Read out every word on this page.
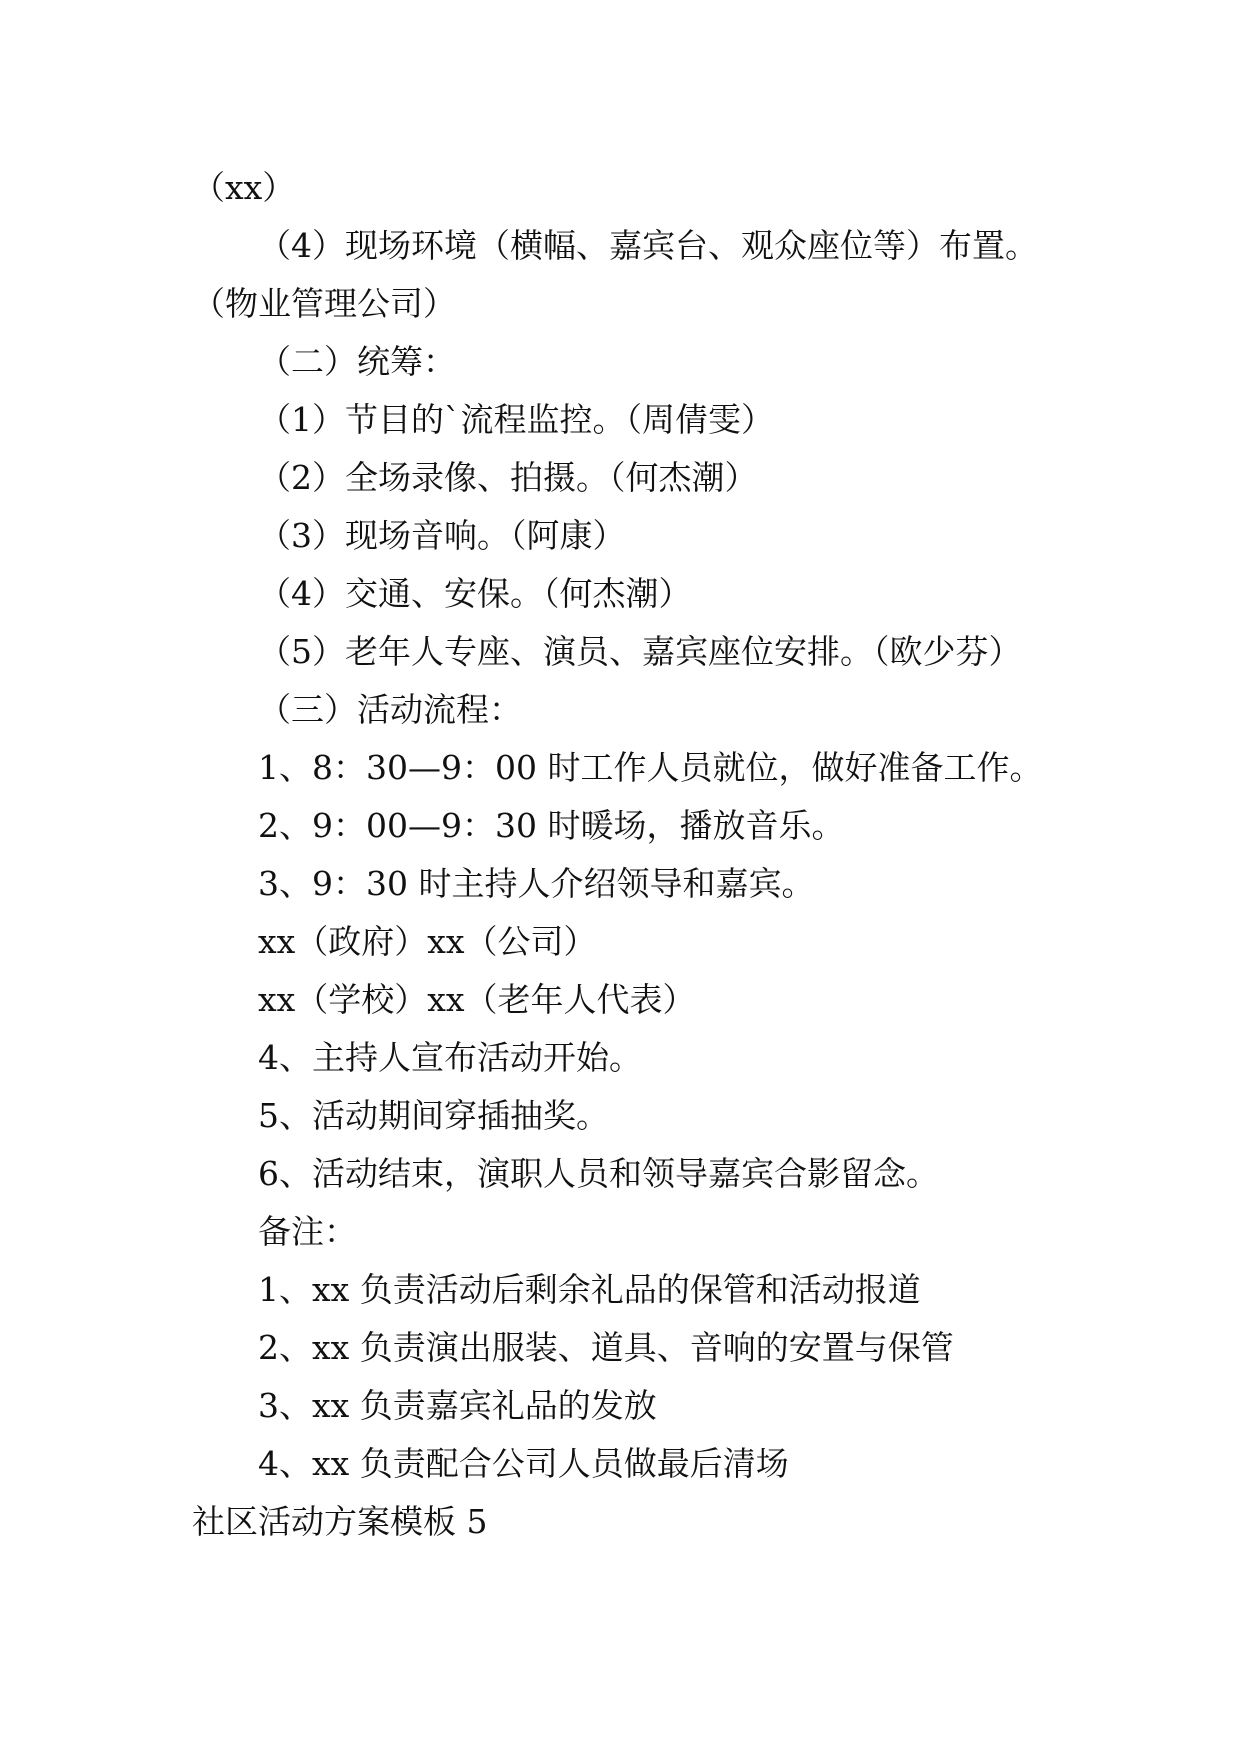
（xx）
（4）现场环境（横幅、嘉宾台、观众座位等）布置。
（物业管理公司）
（二）统筹：
（1）节目的`流程监控。（周倩雯）
（2）全场录像、拍摄。（何杰潮）
（3）现场音响。（阿康）
（4）交通、安保。（何杰潮）
（5）老年人专座、演员、嘉宾座位安排。（欧少芬）
（三）活动流程：
1、8：30—9：00 时工作人员就位，做好准备工作。
2、9：00—9：30 时暖场，播放音乐。
3、9：30 时主持人介绍领导和嘉宾。
xx（政府）xx（公司）
xx（学校）xx（老年人代表）
4、主持人宣布活动开始。
5、活动期间穿插抽奖。
6、活动结束，演职人员和领导嘉宾合影留念。
备注：
1、xx 负责活动后剩余礼品的保管和活动报道
2、xx 负责演出服装、道具、音响的安置与保管
3、xx 负责嘉宾礼品的发放
4、xx 负责配合公司人员做最后清场
社区活动方案模板 5
